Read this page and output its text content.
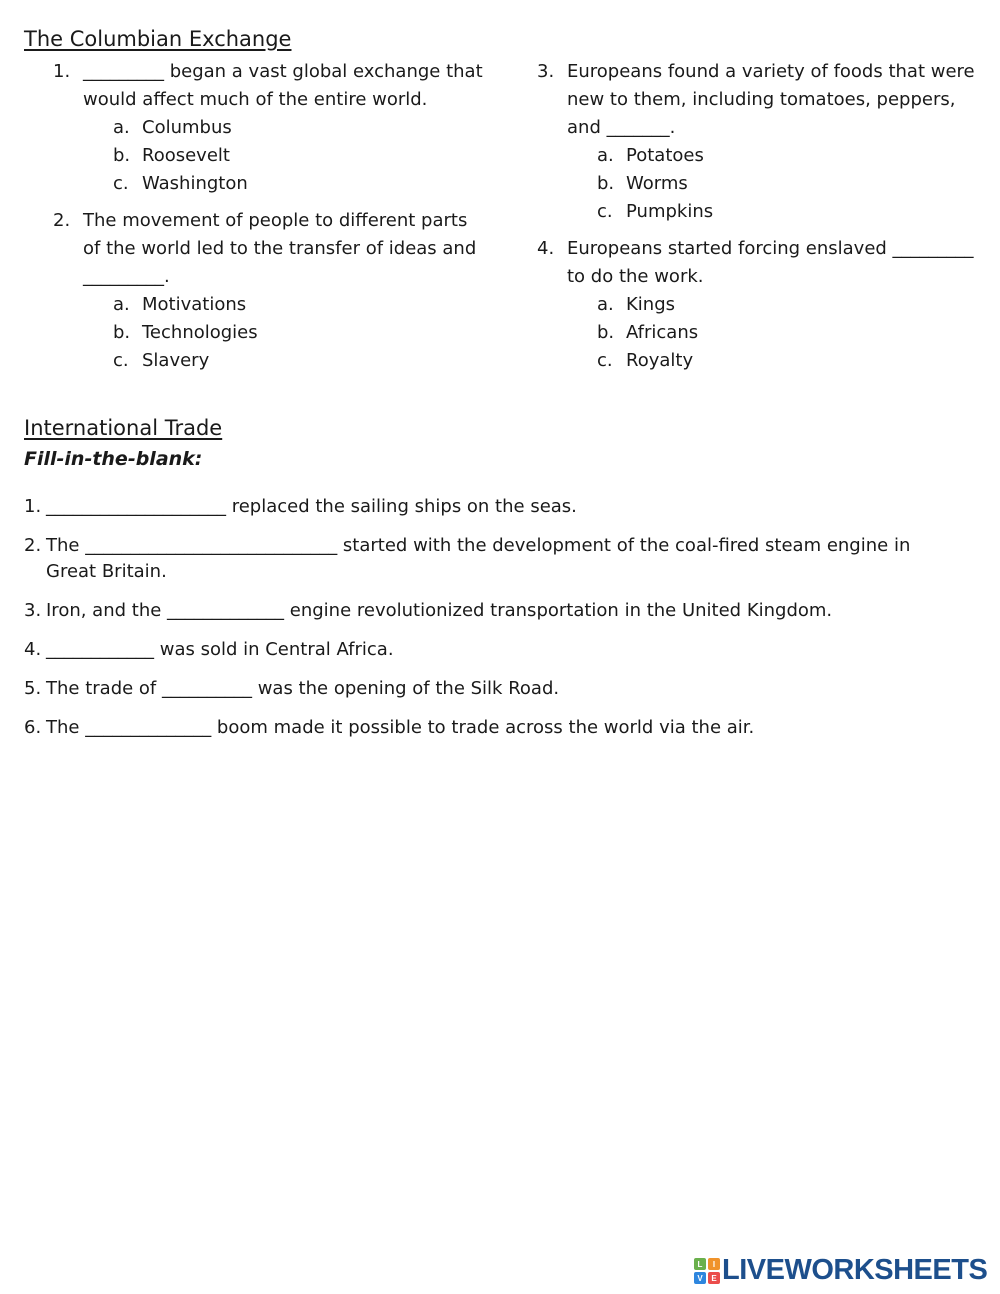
The Columbian Exchange
1. _________ began a vast global exchange that would affect much of the entire world.
a. Columbus
b. Roosevelt
c. Washington
2. The movement of people to different parts of the world led to the transfer of ideas and _________.
a. Motivations
b. Technologies
c. Slavery
3. Europeans found a variety of foods that were new to them, including tomatoes, peppers, and _______.
a. Potatoes
b. Worms
c. Pumpkins
4. Europeans started forcing enslaved _________ to do the work.
a. Kings
b. Africans
c. Royalty
International Trade
Fill-in-the-blank:
1. ____________________ replaced the sailing ships on the seas.
2. The ____________________________ started with the development of the coal-fired steam engine in Great Britain.
3. Iron, and the _____________ engine revolutionized transportation in the United Kingdom.
4. ____________ was sold in Central Africa.
5. The trade of __________ was the opening of the Silk Road.
6. The ______________ boom made it possible to trade across the world via the air.
L I
V E LIVEWORKSHEETS
